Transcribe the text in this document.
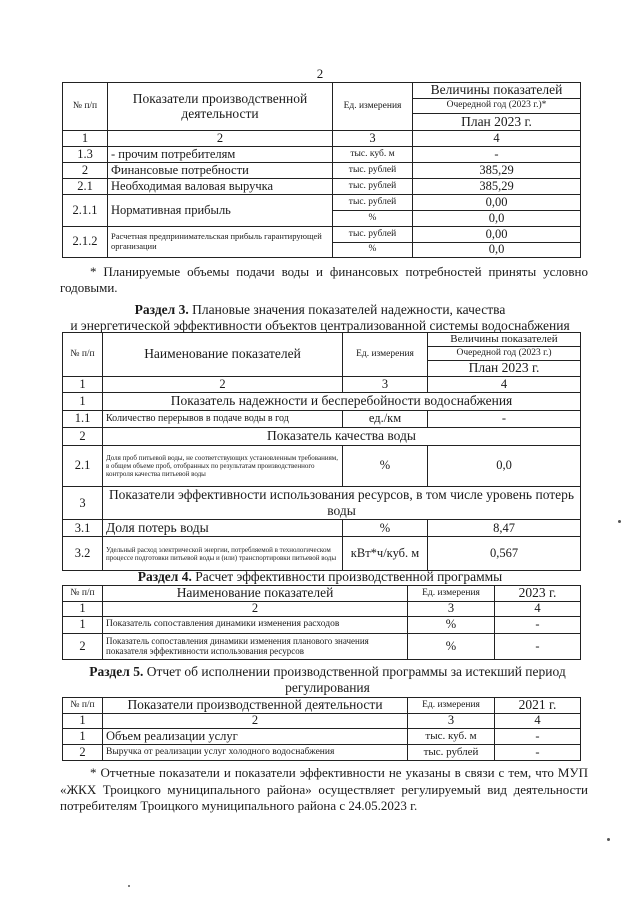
2
№ п/п	Показатели производственной деятельности	Ед. измерения	Величины показателей
			Очередной год (2023 г.)*
			План 2023 г.
1	2	3	4
1.3	- прочим потребителям	тыс. куб. м	-
2	Финансовые потребности	тыс. рублей	385,29
2.1	Необходимая валовая выручка	тыс. рублей	385,29
2.1.1	Нормативная прибыль	тыс. рублей	0,00
		%	0,0
2.1.2	Расчетная предпринимательская прибыль гарантирующей организации	тыс. рублей	0,00
		%	0,0
* Планируемые объемы подачи воды и финансовых потребностей приняты условно годовыми.
Раздел 3. Плановые значения показателей надежности, качества
и энергетической эффективности объектов централизованной системы водоснабжения
№ п/п	Наименование показателей	Ед. измерения	Величины показателей
			Очередной год (2023 г.)
			План 2023 г.
1	2	3	4
1	Показатель надежности и бесперебойности водоснабжения		
1.1	Количество перерывов в подаче воды в год	ед./км	-
2	Показатель качества воды		
2.1	Доля проб питьевой воды, не соответствующих установленным требованиям, в общем объеме проб, отобранных по результатам производственного контроля качества питьевой воды	%	0,0
3	Показатели эффективности использования ресурсов, в том числе уровень потерь воды		
3.1	Доля потерь воды	%	8,47
3.2	Удельный расход электрической энергии, потребляемой в технологическом процессе подготовки питьевой воды и (или) транспортировки питьевой воды	кВт*ч/куб. м	0,567
Раздел 4. Расчет эффективности производственной программы
№ п/п	Наименование показателей	Ед. измерения	2023 г.
1	2	3	4
1	Показатель сопоставления динамики изменения расходов	%	-
2	Показатель сопоставления динамики изменения планового значения показателя эффективности использования ресурсов	%	-
Раздел 5. Отчет об исполнении производственной программы за истекший период
регулирования
№ п/п	Показатели производственной деятельности	Ед. измерения	2021 г.
1	2	3	4
1	Объем реализации услуг	тыс. куб. м	-
2	Выручка от реализации услуг холодного водоснабжения	тыс. рублей	-
* Отчетные показатели и показатели эффективности не указаны в связи с тем, что МУП «ЖКХ Троицкого муниципального района» осуществляет регулируемый вид деятельности потребителям Троицкого муниципального района с 24.05.2023 г.
